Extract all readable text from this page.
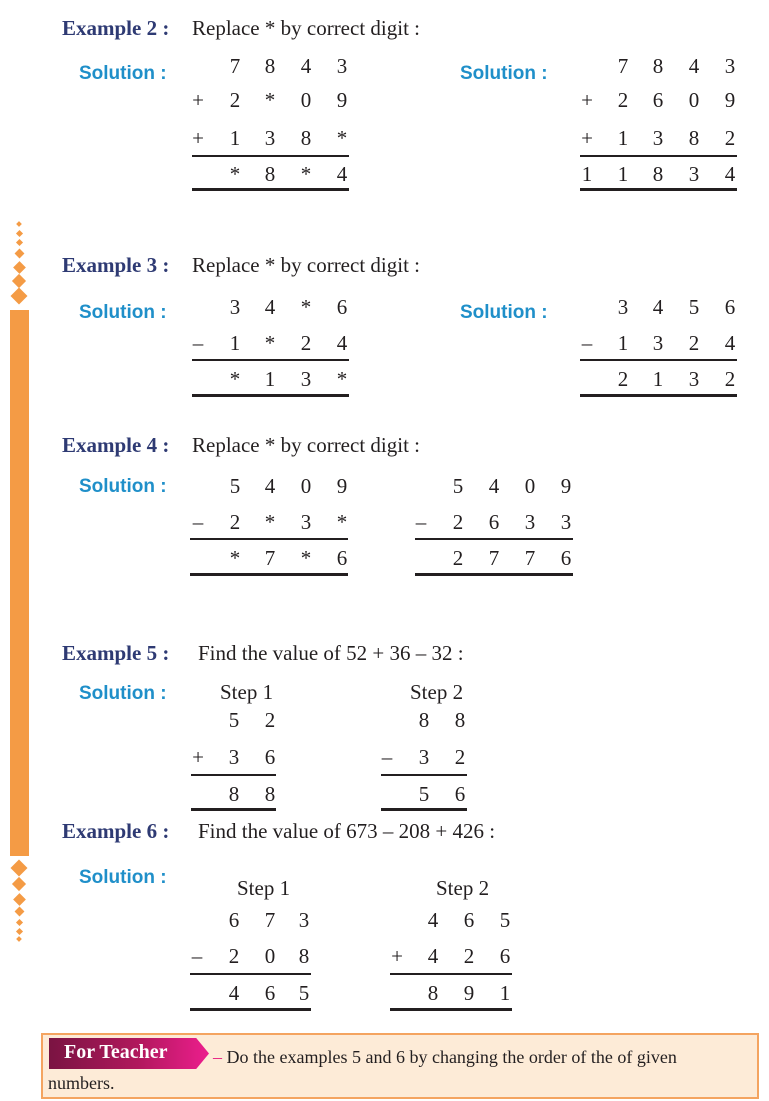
Example 2 : Replace * by correct digit :
Solution :	Solution :
Example 3 : Replace * by correct digit :
Solution :	Solution :
Example 4 : Replace * by correct digit :
Solution :
Example 5 : Find the value of 52 + 36 – 32 :
Solution :	Step 1	Step 2
Example 6 : Find the value of 673 – 208 + 426 :
Solution :	Step 1	Step 2
7	8	4	3
+	2	*	0	9
+	1	3	8	*
*	8	*	4
7	8	4	3
+	2	6	0	9
+	1	3	8	2
1	1	8	3	4
3	4	*	6
–	1	*	2	4
*	1	3	*
3	4	5	6
–	1	3	2	4
2	1	3	2
5	4	0	9
–	2	*	3	*
*	7	*	6
5	4	0	9
–	2	6	3	3
2	7	7	6
5	2
+	3	6
8	8
8	8
–	3	2
5	6
6	7	3
–	2	0	8
4	6	5
4	6	5
+	4	2	6
8	9	1
For Teacher	– Do the examples 5 and 6 by changing the order of the of given
numbers.
